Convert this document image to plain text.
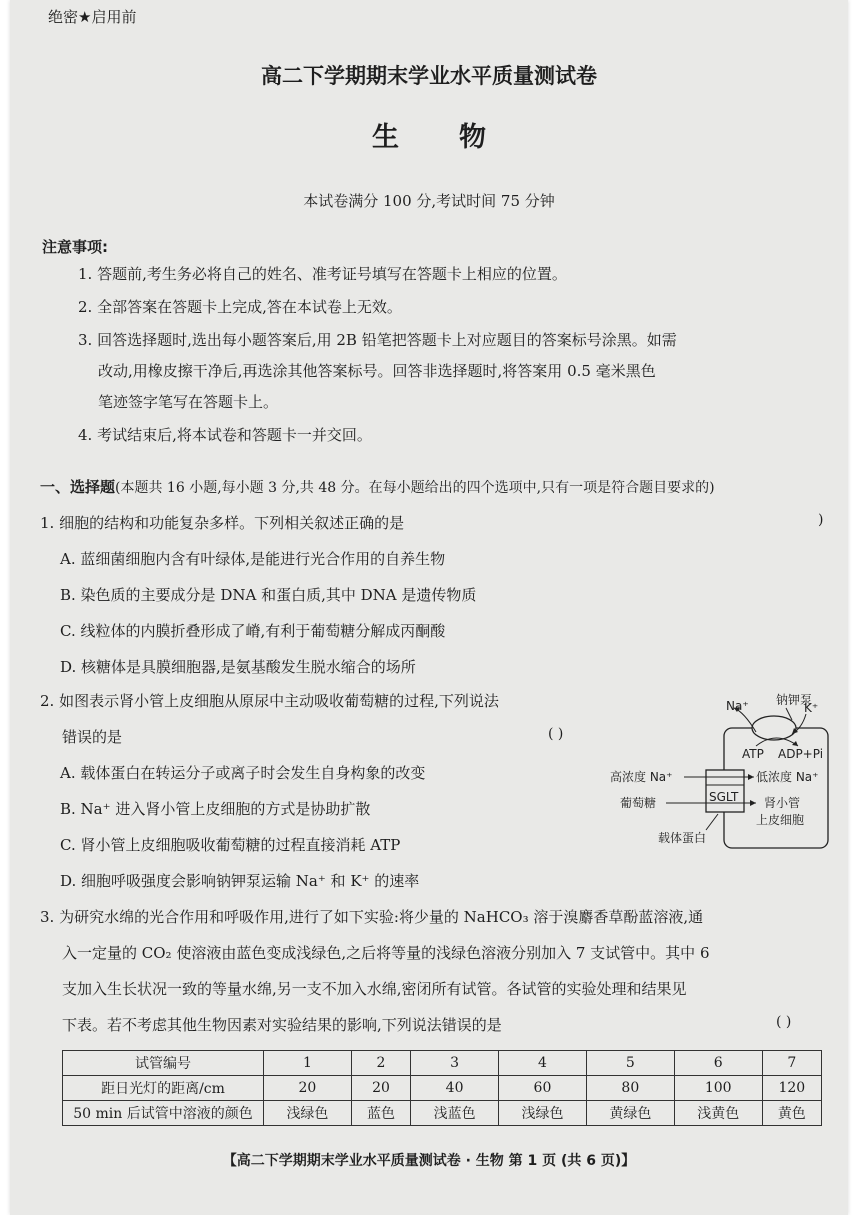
绝密★启用前
高二下学期期末学业水平质量测试卷
生物
本试卷满分 100 分,考试时间 75 分钟
注意事项:
1. 答题前,考生务必将自己的姓名、准考证号填写在答题卡上相应的位置。
2. 全部答案在答题卡上完成,答在本试卷上无效。
3. 回答选择题时,选出每小题答案后,用 2B 铅笔把答题卡上对应题目的答案标号涂黑。如需
改动,用橡皮擦干净后,再选涂其他答案标号。回答非选择题时,将答案用 0.5 毫米黑色
笔迹签字笔写在答题卡上。
4. 考试结束后,将本试卷和答题卡一并交回。
一、选择题(本题共 16 小题,每小题 3 分,共 48 分。在每小题给出的四个选项中,只有一项是符合题目要求的)
1. 细胞的结构和功能复杂多样。下列相关叙述正确的是	)
A. 蓝细菌细胞内含有叶绿体,是能进行光合作用的自养生物
B. 染色质的主要成分是 DNA 和蛋白质,其中 DNA 是遗传物质
C. 线粒体的内膜折叠形成了嵴,有利于葡萄糖分解成丙酮酸
D. 核糖体是具膜细胞器,是氨基酸发生脱水缩合的场所
2. 如图表示肾小管上皮细胞从原尿中主动吸收葡萄糖的过程,下列说法
错误的是	( )
A. 载体蛋白在转运分子或离子时会发生自身构象的改变
B. Na⁺ 进入肾小管上皮细胞的方式是协助扩散
C. 肾小管上皮细胞吸收葡萄糖的过程直接消耗 ATP
D. 细胞呼吸强度会影响钠钾泵运输 Na⁺ 和 K⁺ 的速率
Na⁺ 钠钾泵
K⁺
ATP ADP+Pi
高浓度 Na⁺	低浓度 Na⁺
葡萄糖	SGLT 肾小管
上皮细胞
载体蛋白
3. 为研究水绵的光合作用和呼吸作用,进行了如下实验:将少量的 NaHCO₃ 溶于溴麝香草酚蓝溶液,通
入一定量的 CO₂ 使溶液由蓝色变成浅绿色,之后将等量的浅绿色溶液分别加入 7 支试管中。其中 6
支加入生长状况一致的等量水绵,另一支不加入水绵,密闭所有试管。各试管的实验处理和结果见
下表。若不考虑其他生物因素对实验结果的影响,下列说法错误的是	( )
试管编号	1	2	3	4	5	6	7
距日光灯的距离/cm	20	20	40	60	80	100	120
50 min 后试管中溶液的颜色	浅绿色	蓝色	浅蓝色	浅绿色	黄绿色	浅黄色	黄色
【高二下学期期末学业水平质量测试卷 · 生物 第 1 页 (共 6 页)】
